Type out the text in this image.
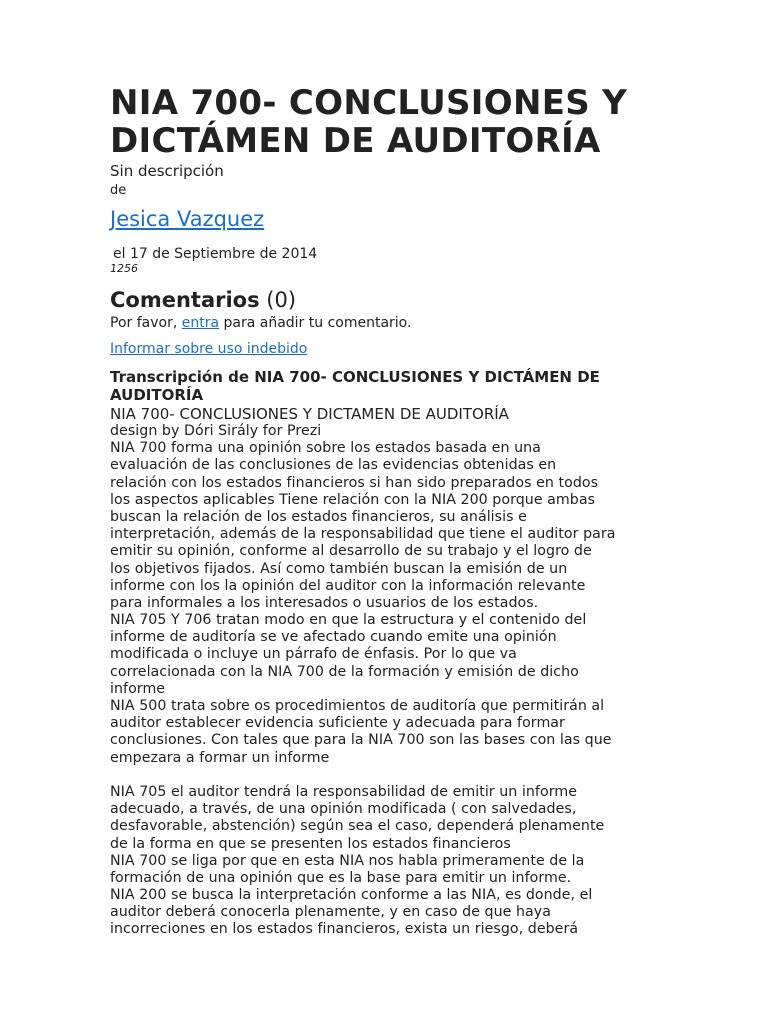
NIA 700- CONCLUSIONES Y DICTÁMEN DE AUDITORÍA
Sin descripción
de
Jesica Vazquez
el 17 de Septiembre de 2014
1256
Comentarios (0)
Por favor, entra para añadir tu comentario.
Informar sobre uso indebido
Transcripción de NIA 700- CONCLUSIONES Y DICTÁMEN DE AUDITORÍA
NIA 700- CONCLUSIONES Y DICTAMEN DE AUDITORÍA
design by Dóri Sirály for Prezi
NIA 700 forma una opinión sobre los estados basada en una
evaluación de las conclusiones de las evidencias obtenidas en
relación con los estados financieros si han sido preparados en todos
los aspectos aplicables Tiene relación con la NIA 200 porque ambas
buscan la relación de los estados financieros, su análisis e
interpretación, además de la responsabilidad que tiene el auditor para
emitir su opinión, conforme al desarrollo de su trabajo y el logro de
los objetivos fijados. Así como también buscan la emisión de un
informe con los la opinión del auditor con la información relevante
para informales a los interesados o usuarios de los estados.
NIA 705 Y 706 tratan modo en que la estructura y el contenido del
informe de auditoría se ve afectado cuando emite una opinión
modificada o incluye un párrafo de énfasis. Por lo que va
correlacionada con la NIA 700 de la formación y emisión de dicho
informe
NIA 500 trata sobre os procedimientos de auditoría que permitirán al
auditor establecer evidencia suficiente y adecuada para formar
conclusiones. Con tales que para la NIA 700 son las bases con las que
empezara a formar un informe
NIA 705 el auditor tendrá la responsabilidad de emitir un informe
adecuado, a través, de una opinión modificada ( con salvedades,
desfavorable, abstención) según sea el caso, dependerá plenamente
de la forma en que se presenten los estados financieros
NIA 700 se liga por que en esta NIA nos habla primeramente de la
formación de una opinión que es la base para emitir un informe.
NIA 200 se busca la interpretación conforme a las NIA, es donde, el
auditor deberá conocerla plenamente, y en caso de que haya
incorreciones en los estados financieros, exista un riesgo, deberá
